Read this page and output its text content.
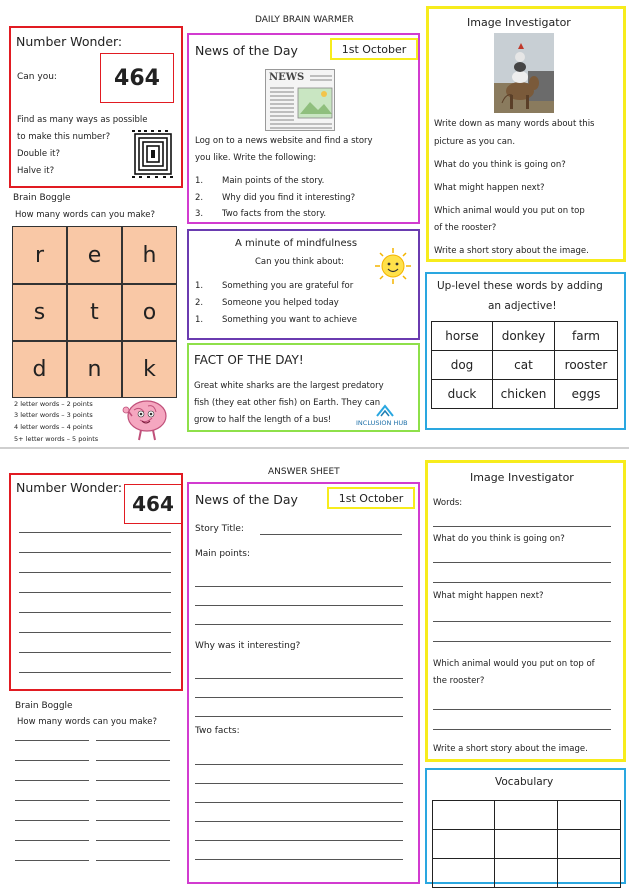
DAILY BRAIN WARMER
Number Wonder:
Can you:	464
Find as many ways as possible
to make this number?
Double it?
Halve it?
Brain Boggle
How many words can you make?
r	e	h
s	t	o
d	n	k
2 letter words – 2 points
3 letter words – 3 points
4 letter words – 4 points
5+ letter words – 5 points
News of the Day	1st October
NEWS
Log on to a news website and find a story
you like. Write the following:
1. Main points of the story.
2. Why did you find it interesting?
3. Two facts from the story.
A minute of mindfulness
Can you think about:
1. Something you are grateful for
2. Someone you helped today
1. Something you want to achieve
FACT OF THE DAY!
Great white sharks are the largest predatory
fish (they eat other fish) on Earth. They can
grow to half the length of a bus!	INCLUSION HUB
Image Investigator
Write down as many words about this
picture as you can.
What do you think is going on?
What might happen next?
Which animal would you put on top
of the rooster?
Write a short story about the image.
Up-level these words by adding
an adjective!
horse	donkey	farm
dog	cat	rooster
duck	chicken	eggs
ANSWER SHEET
Number Wonder:
464
Brain Boggle
How many words can you make?
News of the Day	1st October
Story Title:
Main points:
Why was it interesting?
Two facts:
Image Investigator
Words:
What do you think is going on?
What might happen next?
Which animal would you put on top of
the rooster?
Write a short story about the image.
Vocabulary
